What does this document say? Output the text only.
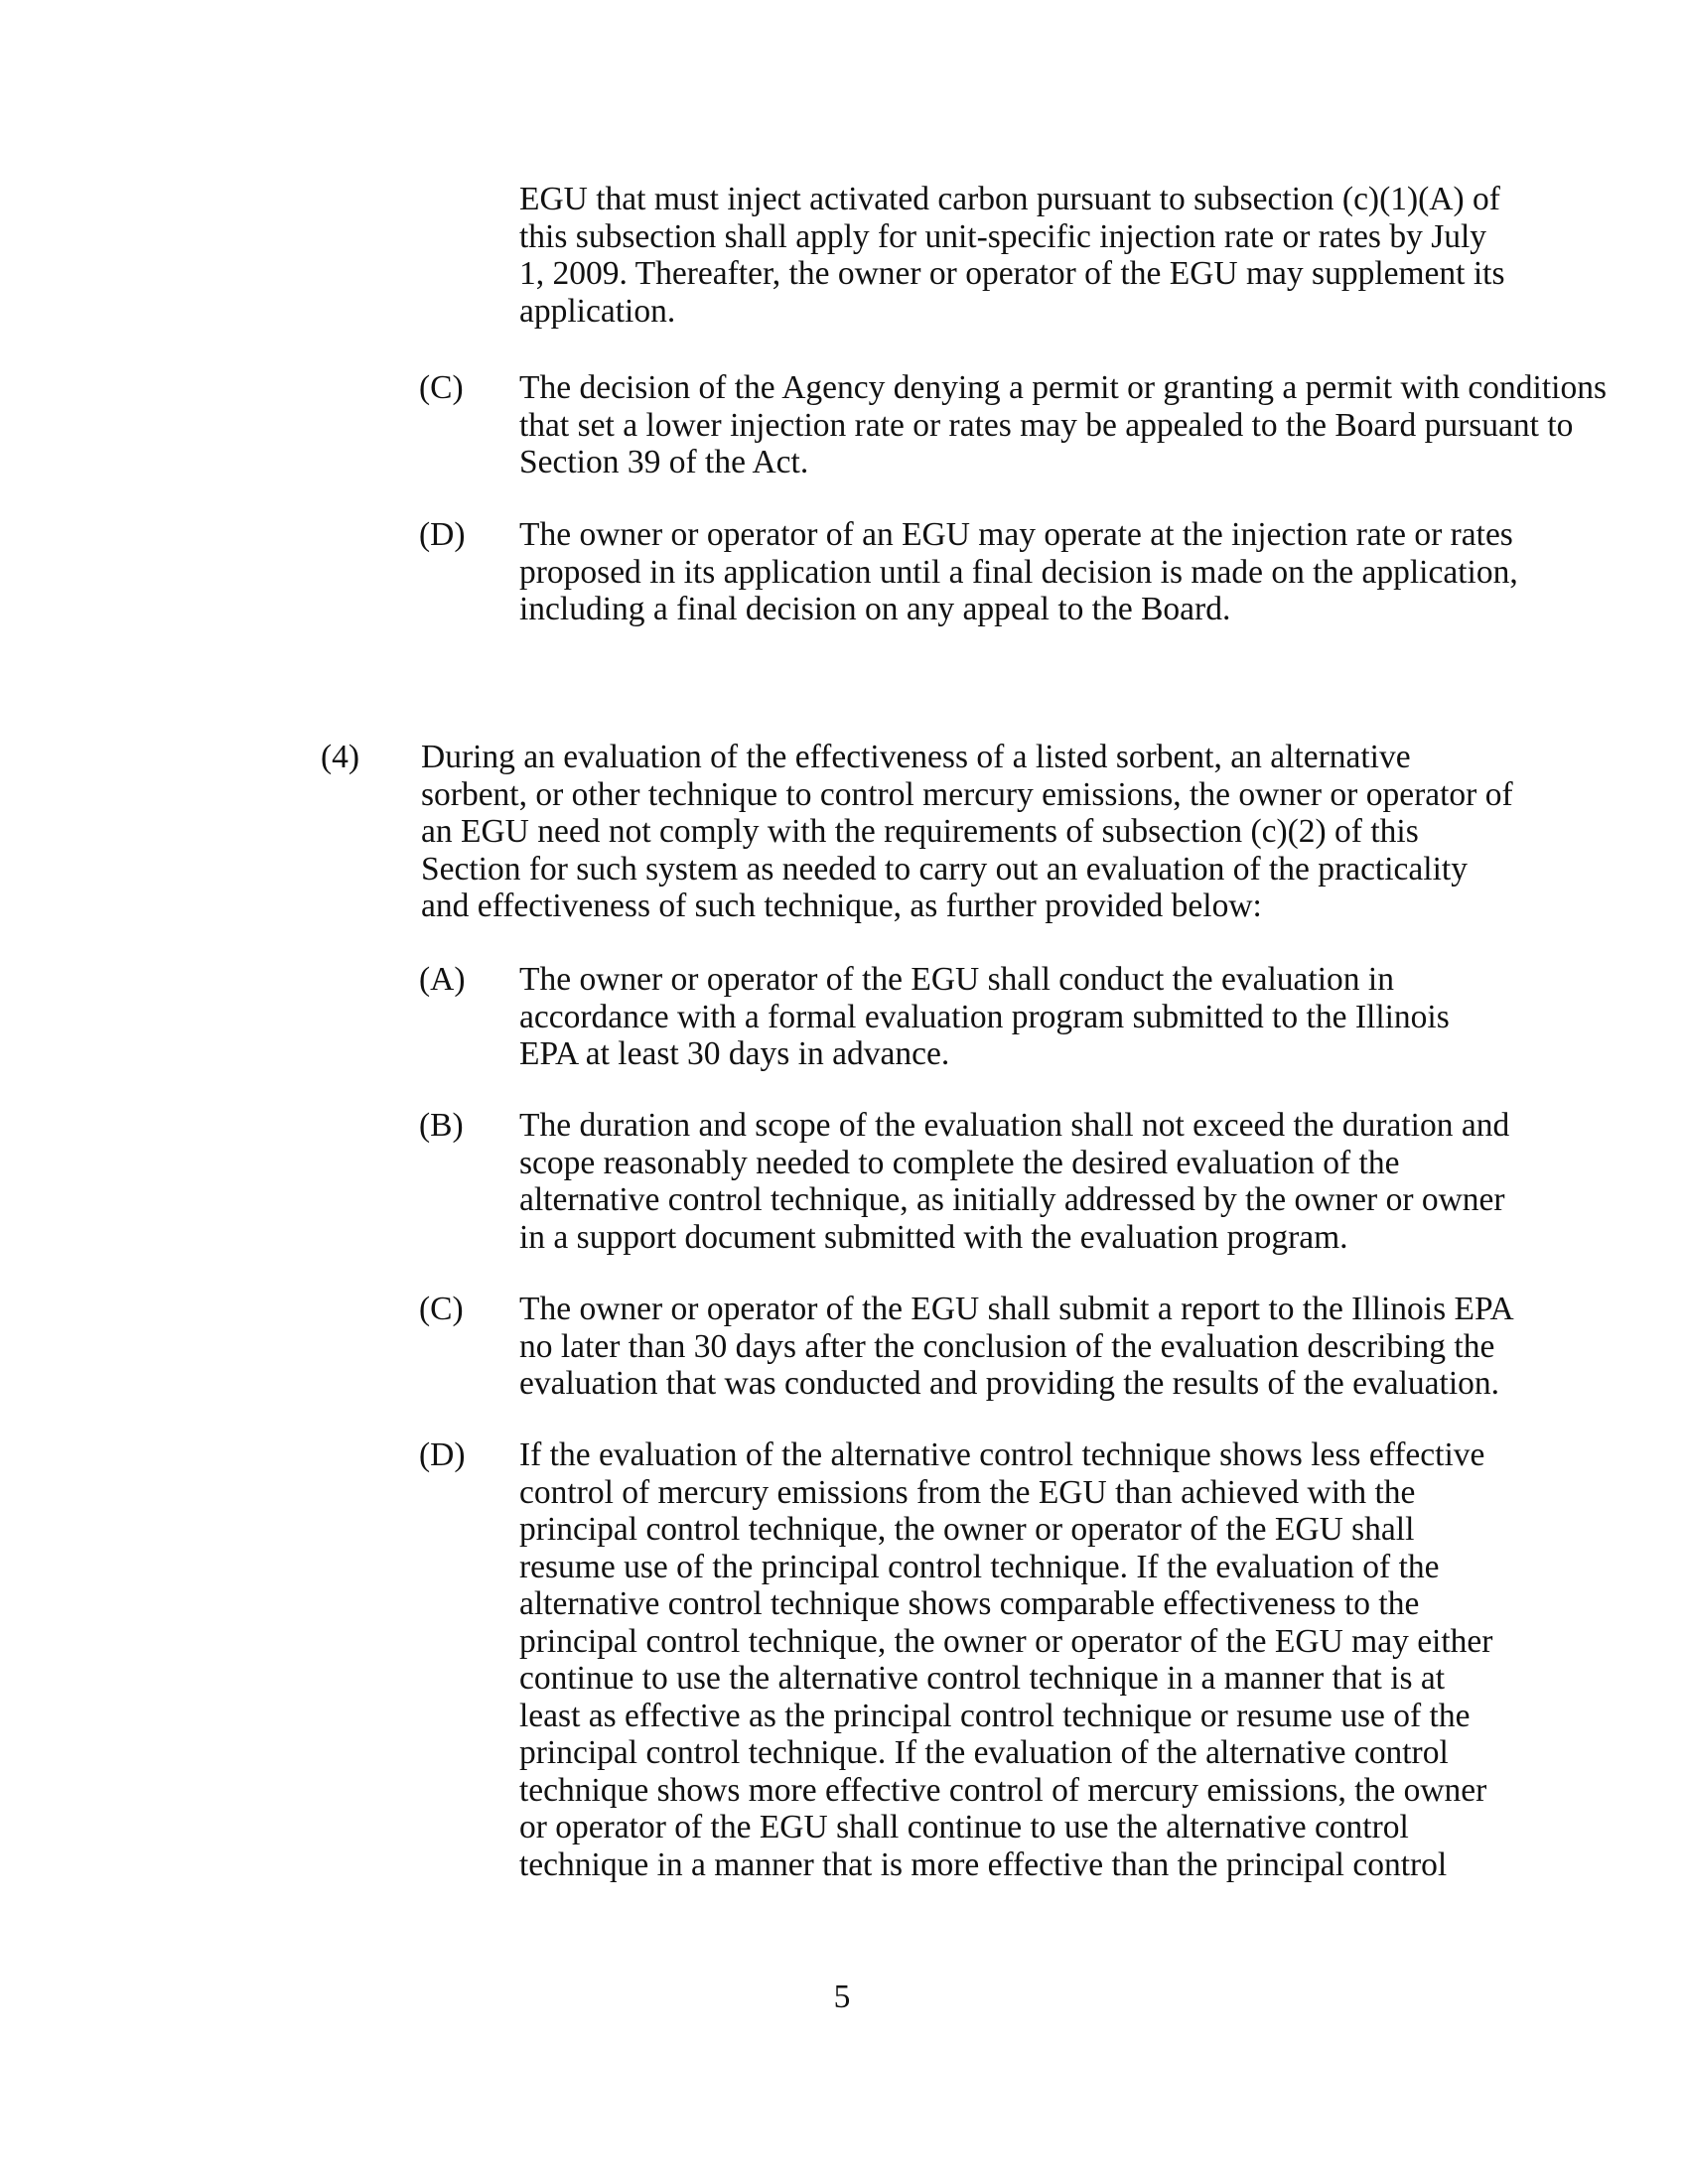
EGU that must inject activated carbon pursuant to subsection (c)(1)(A) of
this subsection shall apply for unit-specific injection rate or rates by July
1, 2009. Thereafter, the owner or operator of the EGU may supplement its
application.
(C) The decision of the Agency denying a permit or granting a permit with conditions
that set a lower injection rate or rates may be appealed to the Board pursuant to
Section 39 of the Act.
(D) The owner or operator of an EGU may operate at the injection rate or rates
proposed in its application until a final decision is made on the application,
including a final decision on any appeal to the Board.
(4) During an evaluation of the effectiveness of a listed sorbent, an alternative
sorbent, or other technique to control mercury emissions, the owner or operator of
an EGU need not comply with the requirements of subsection (c)(2) of this
Section for such system as needed to carry out an evaluation of the practicality
and effectiveness of such technique, as further provided below:
(A) The owner or operator of the EGU shall conduct the evaluation in
accordance with a formal evaluation program submitted to the Illinois
EPA at least 30 days in advance.
(B) The duration and scope of the evaluation shall not exceed the duration and
scope reasonably needed to complete the desired evaluation of the
alternative control technique, as initially addressed by the owner or owner
in a support document submitted with the evaluation program.
(C) The owner or operator of the EGU shall submit a report to the Illinois EPA
no later than 30 days after the conclusion of the evaluation describing the
evaluation that was conducted and providing the results of the evaluation.
(D) If the evaluation of the alternative control technique shows less effective
control of mercury emissions from the EGU than achieved with the
principal control technique, the owner or operator of the EGU shall
resume use of the principal control technique. If the evaluation of the
alternative control technique shows comparable effectiveness to the
principal control technique, the owner or operator of the EGU may either
continue to use the alternative control technique in a manner that is at
least as effective as the principal control technique or resume use of the
principal control technique. If the evaluation of the alternative control
technique shows more effective control of mercury emissions, the owner
or operator of the EGU shall continue to use the alternative control
technique in a manner that is more effective than the principal control
5
